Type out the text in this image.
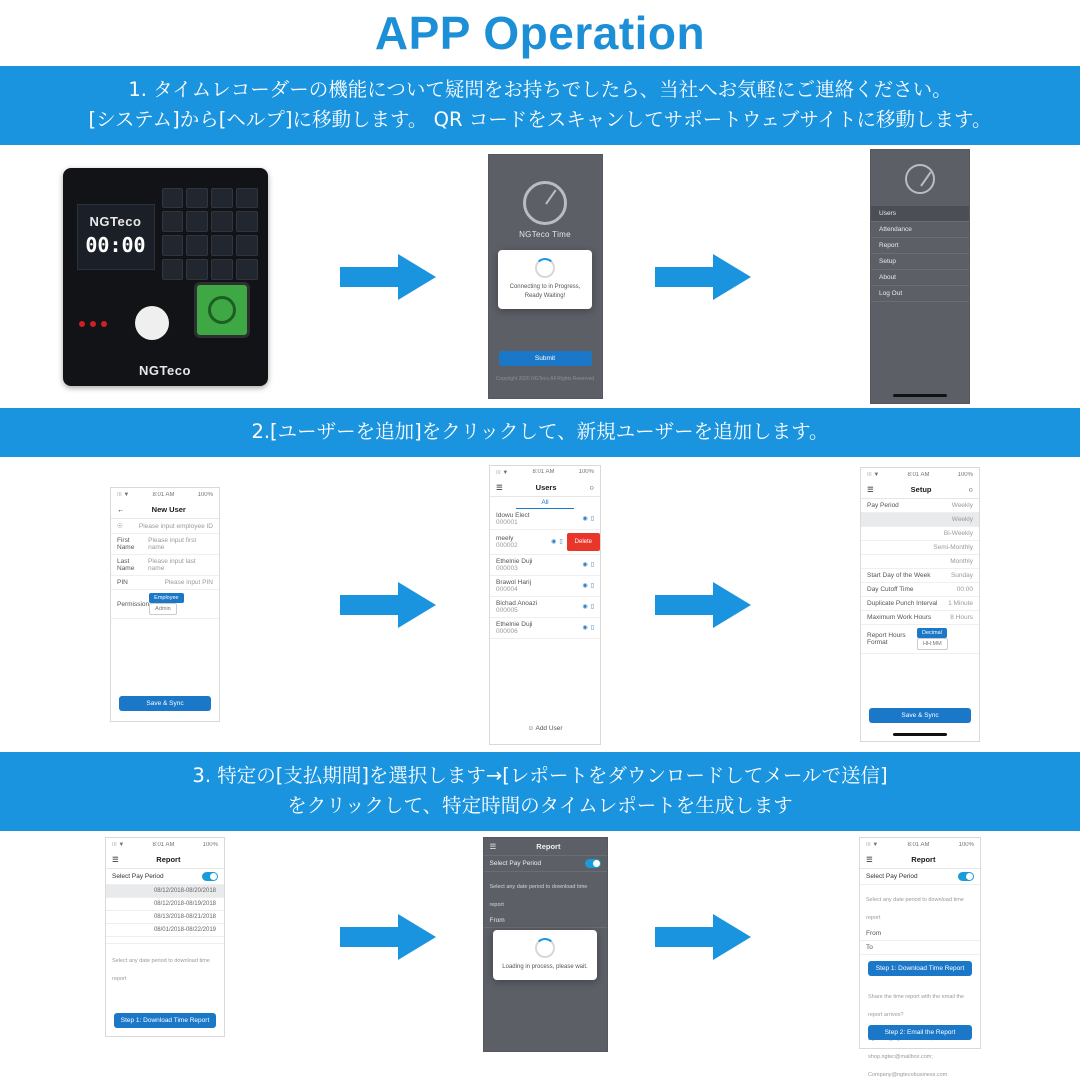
APP Operation
1. タイムレコーダーの機能について疑問をお持ちでしたら、当社へお気軽にご連絡ください。
[システム]から[ヘルプ]に移動します。 QR コードをスキャンしてサポートウェブサイトに移動します。
NGTeco
00:00
NGTeco
NGTeco Time
Connecting to in Progress, Ready Waiting!
Submit
Copyright 2020 NGTeco All Rights Reserved
Users
Attendance
Report
Setup
About
Log Out
2.[ユーザーを追加]をクリックして、新規ユーザーを追加します。
∶∶∶ ▼	8:01 AM	100%
←	New User
☉ Please input employee ID
First Name
Please input first name
Last Name
Please input last name
PIN	Please input PIN
Permission
Employee Admin
Save & Sync
∶∶∶ ▼	8:01 AM	100%
☰	Users	○
All
Idowu Elect
000001	◉ ▯
meely
000002	◉ ▯	Delete
Ethelnie Duji
000003	◉ ▯
Brawol Harij
000004	◉ ▯
Bichad Anoazi
000005	◉ ▯
Ethelnie Duji
000006	◉ ▯
☺ Add User
∶∶∶ ▼	8:01 AM	100%
☰	Setup	○
Pay Period	Weekly
Weekly
Bi-Weekly
Semi-Monthly
Monthly
Start Day of the Week	Sunday
Day Cutoff Time	00:00
Duplicate Punch Interval 1 Minute
Maximum Work Hours	8 Hours
Report Hours Format
Decimal HH:MM
Save & Sync
3. 特定の[支払期間]を選択します→[レポートをダウンロードしてメールで送信]
をクリックして、特定時間のタイムレポートを生成します
∶∶∶ ▼	8:01 AM	100%
☰	Report
Select Pay Period
08/12/2018-08/20/2018
08/12/2018-08/19/2018
08/13/2018-08/21/2018
08/01/2018-08/22/2019
Select any date period to download time report
Step 1: Download Time Report
☰	Report
Select Pay Period
Select any date period to download time report
From
Loading in process, please wait.
∶∶∶ ▼	8:01 AM	100%
☰	Report
Select Pay Period
Select any date period to download time report
From
To
Step 1: Download Time Report
Share the time report with the email the report arrives?
shop.ngtec@mailbox.com; Company@ngtecobusiness.com
Step 2: Email the Report
